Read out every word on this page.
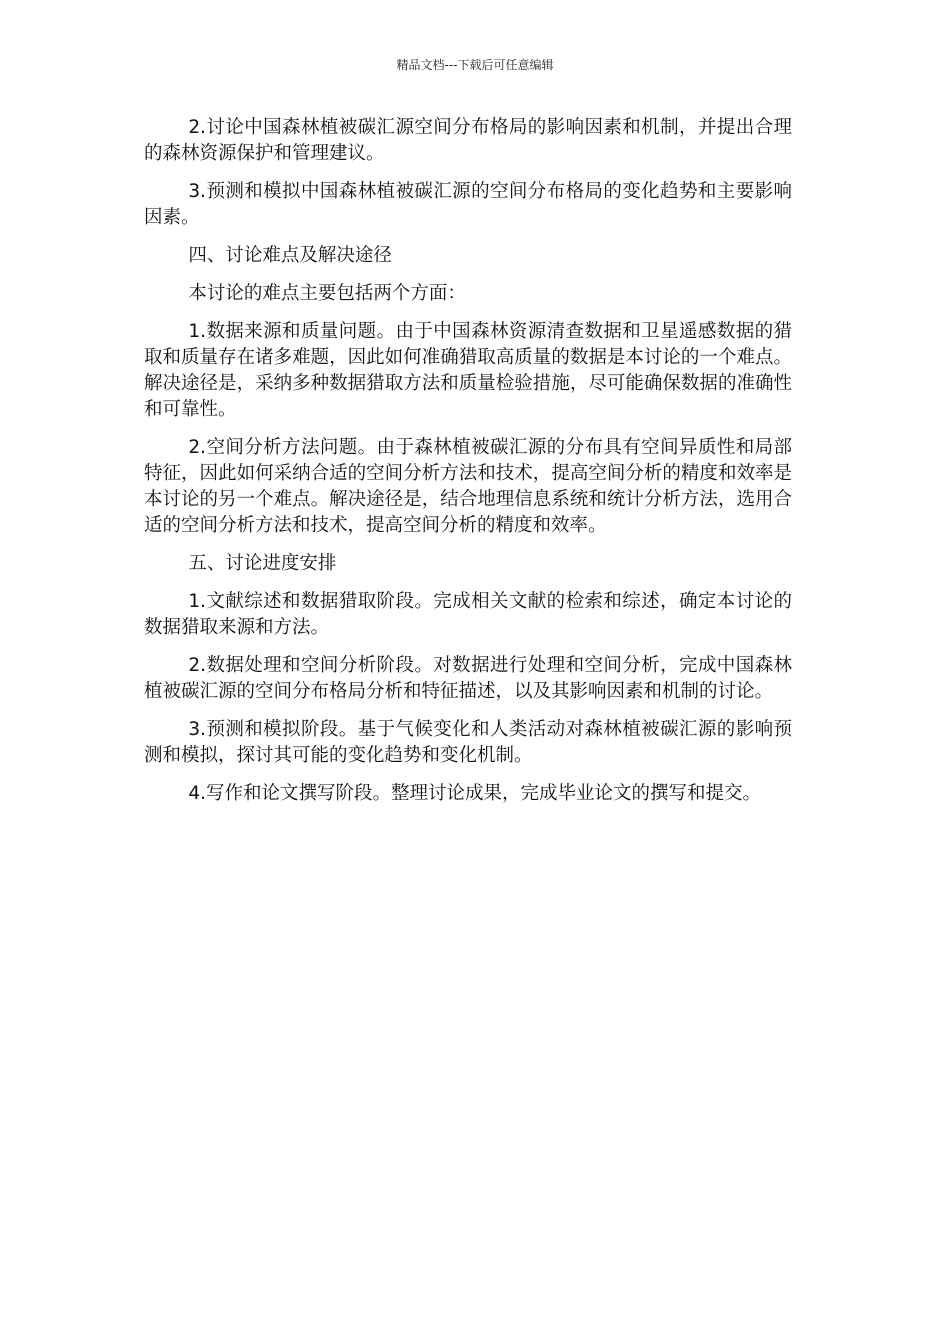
精品文档---下载后可任意编辑

2.讨论中国森林植被碳汇源空间分布格局的影响因素和机制，并提出合理的森林资源保护和管理建议。

3.预测和模拟中国森林植被碳汇源的空间分布格局的变化趋势和主要影响因素。

四、讨论难点及解决途径

本讨论的难点主要包括两个方面：

1.数据来源和质量问题。由于中国森林资源清查数据和卫星遥感数据的猎取和质量存在诸多难题，因此如何准确猎取高质量的数据是本讨论的一个难点。解决途径是，采纳多种数据猎取方法和质量检验措施，尽可能确保数据的准确性和可靠性。

2.空间分析方法问题。由于森林植被碳汇源的分布具有空间异质性和局部特征，因此如何采纳合适的空间分析方法和技术，提高空间分析的精度和效率是本讨论的另一个难点。解决途径是，结合地理信息系统和统计分析方法，选用合适的空间分析方法和技术，提高空间分析的精度和效率。

五、讨论进度安排

1.文献综述和数据猎取阶段。完成相关文献的检索和综述，确定本讨论的数据猎取来源和方法。

2.数据处理和空间分析阶段。对数据进行处理和空间分析，完成中国森林植被碳汇源的空间分布格局分析和特征描述，以及其影响因素和机制的讨论。

3.预测和模拟阶段。基于气候变化和人类活动对森林植被碳汇源的影响预测和模拟，探讨其可能的变化趋势和变化机制。

4.写作和论文撰写阶段。整理讨论成果，完成毕业论文的撰写和提交。
